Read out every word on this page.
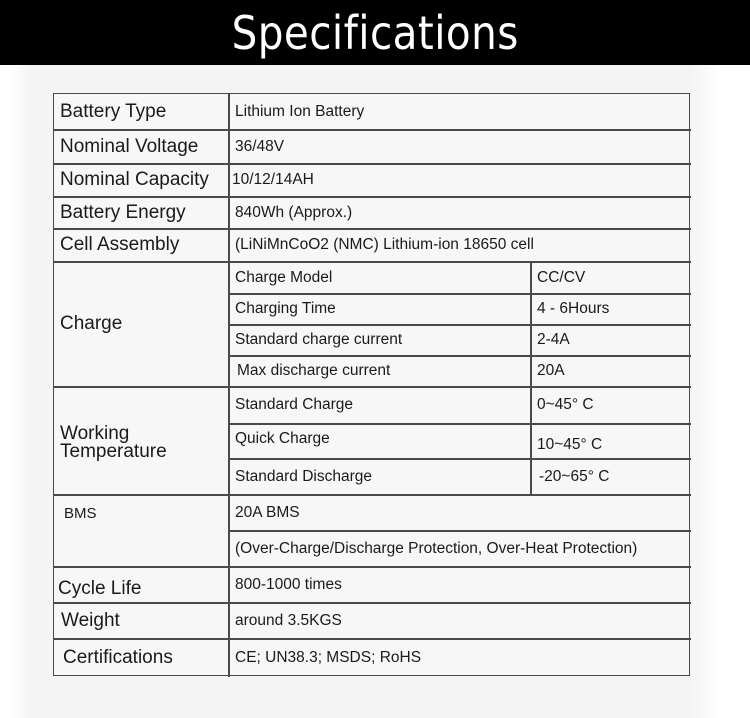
Specifications
Battery Type	Lithium Ion Battery
Nominal Voltage	36/48V
Nominal Capacity	10/12/14AH
Battery Energy	840Wh (Approx.)
Cell Assembly	(LiNiMnCoO2 (NMC) Lithium-ion 18650 cell
Charge
Charge Model	CC/CV
Charging Time	4 - 6Hours
Standard charge current	2-4A
Max discharge current	20A
Working
Temperature
Standard Charge	0~45° C
Quick Charge	10~45° C
Standard Discharge	-20~65° C
BMS	20A BMS
(Over-Charge/Discharge Protection, Over-Heat Protection)
Cycle Life	800-1000 times
Weight	around 3.5KGS
Certifications	CE; UN38.3; MSDS; RoHS
